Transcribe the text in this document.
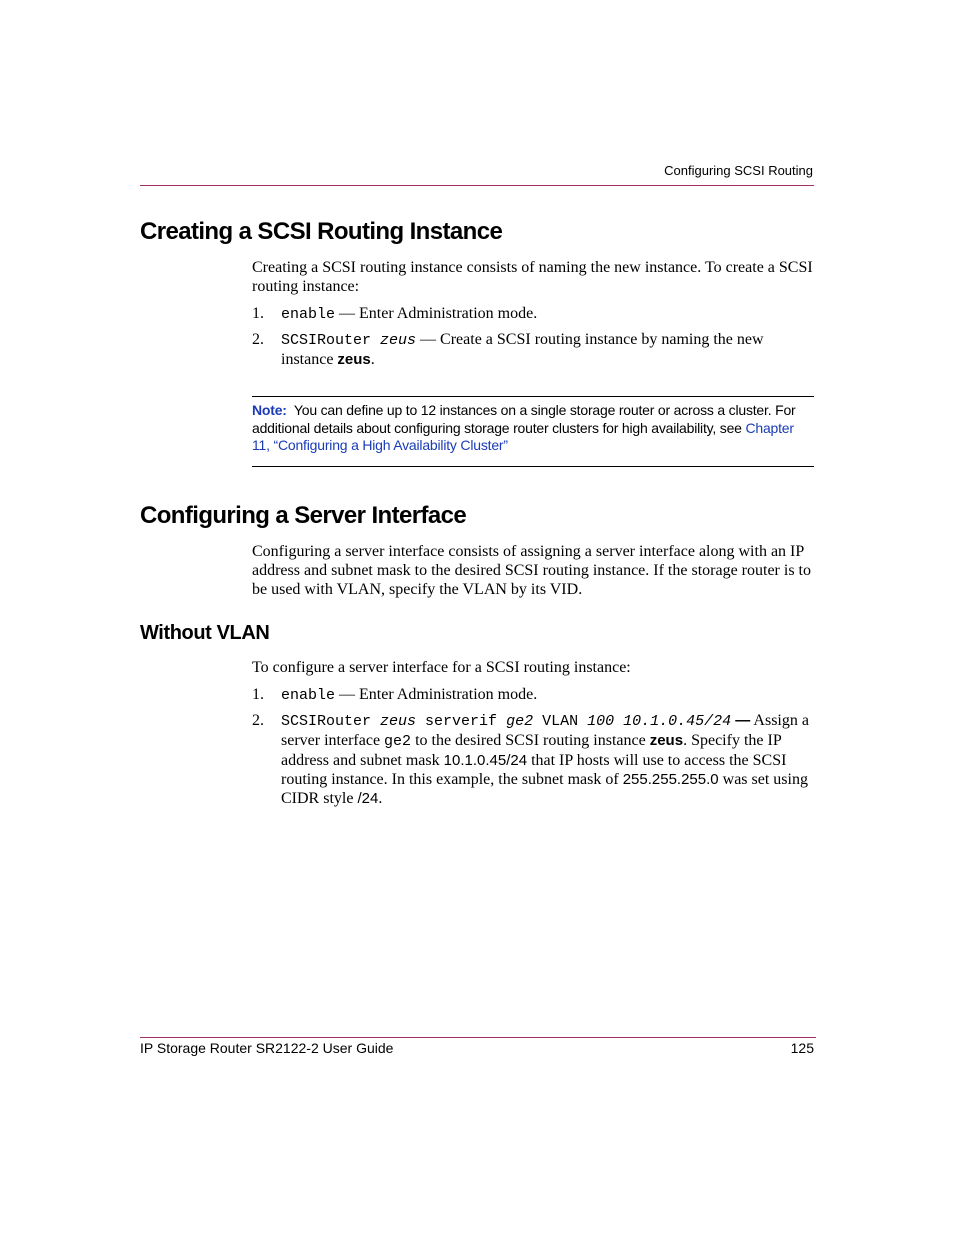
Configuring SCSI Routing
Creating a SCSI Routing Instance

Creating a SCSI routing instance consists of naming the new instance. To create a SCSI routing instance:

1. enable — Enter Administration mode.
2. SCSIRouter zeus — Create a SCSI routing instance by naming the new instance zeus.
Note: You can define up to 12 instances on a single storage router or across a cluster. For additional details about configuring storage router clusters for high availability, see Chapter 11, “Configuring a High Availability Cluster”
Configuring a Server Interface

Configuring a server interface consists of assigning a server interface along with an IP address and subnet mask to the desired SCSI routing instance. If the storage router is to be used with VLAN, specify the VLAN by its VID.

Without VLAN

To configure a server interface for a SCSI routing instance:

1. enable — Enter Administration mode.
2. SCSIRouter zeus serverif ge2 VLAN 100 10.1.0.45/24 — Assign a server interface ge2 to the desired SCSI routing instance zeus. Specify the IP address and subnet mask 10.1.0.45/24 that IP hosts will use to access the SCSI routing instance. In this example, the subnet mask of 255.255.255.0 was set using CIDR style /24.
IP Storage Router SR2122-2 User Guide	125
